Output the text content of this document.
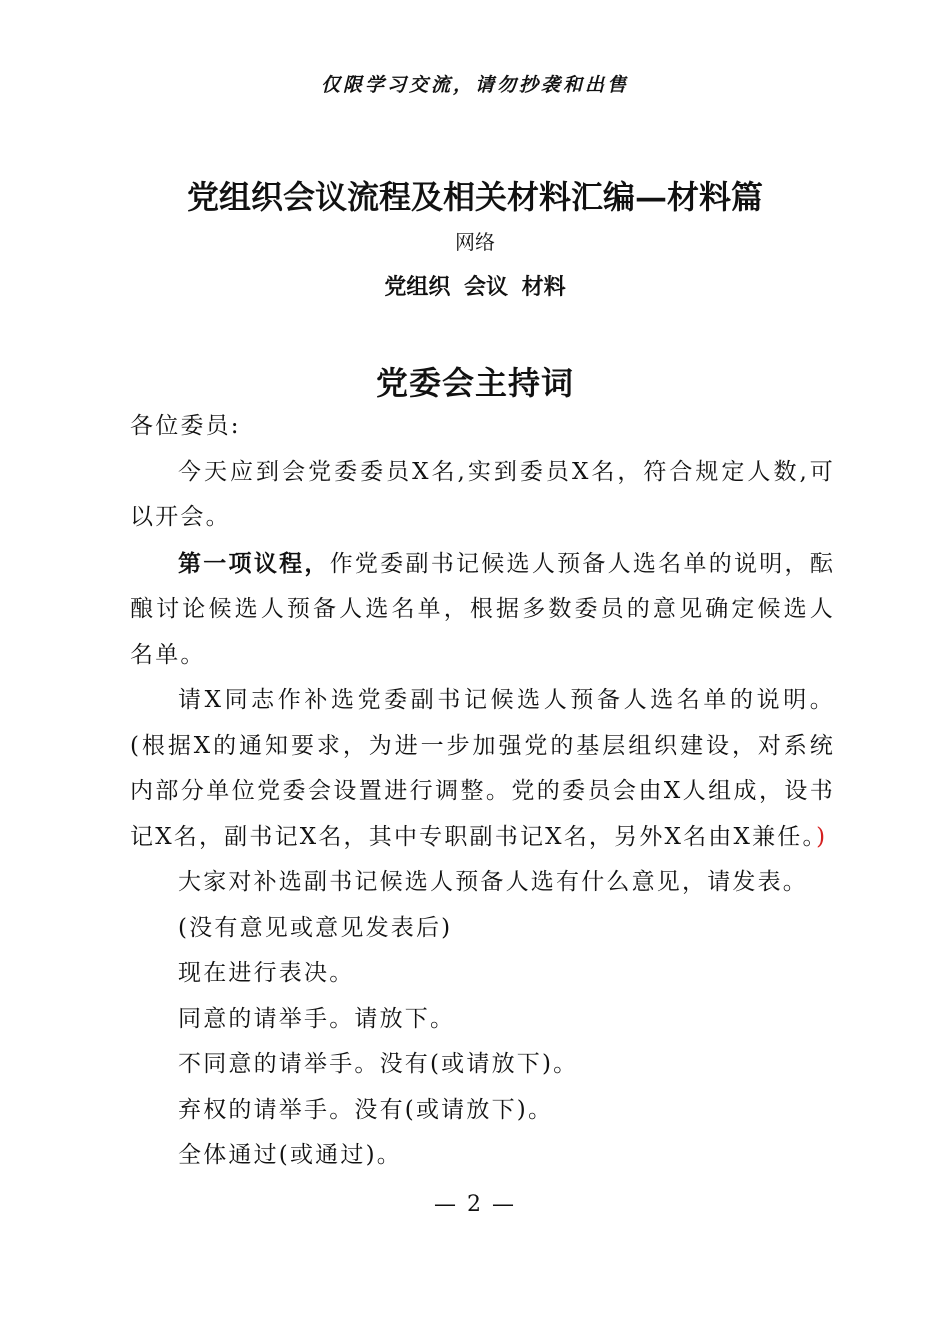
仅限学习交流，请勿抄袭和出售
党组织会议流程及相关材料汇编—材料篇
网络
党组织 会议 材料
党委会主持词

各位委员:

今天应到会党委委员X名,实到委员X名，符合规定人数,可以开会。

第一项议程，作党委副书记候选人预备人选名单的说明，酝酿讨论候选人预备人选名单，根据多数委员的意见确定候选人名单。

请X同志作补选党委副书记候选人预备人选名单的说明。(根据X的通知要求，为进一步加强党的基层组织建设，对系统内部分单位党委会设置进行调整。党的委员会由X人组成，设书记X名，副书记X名，其中专职副书记X名，另外X名由X兼任。)

大家对补选副书记候选人预备人选有什么意见，请发表。

(没有意见或意见发表后)

现在进行表决。

同意的请举手。请放下。

不同意的请举手。没有(或请放下)。

弃权的请举手。没有(或请放下)。

全体通过(或通过)。

— 2 —
